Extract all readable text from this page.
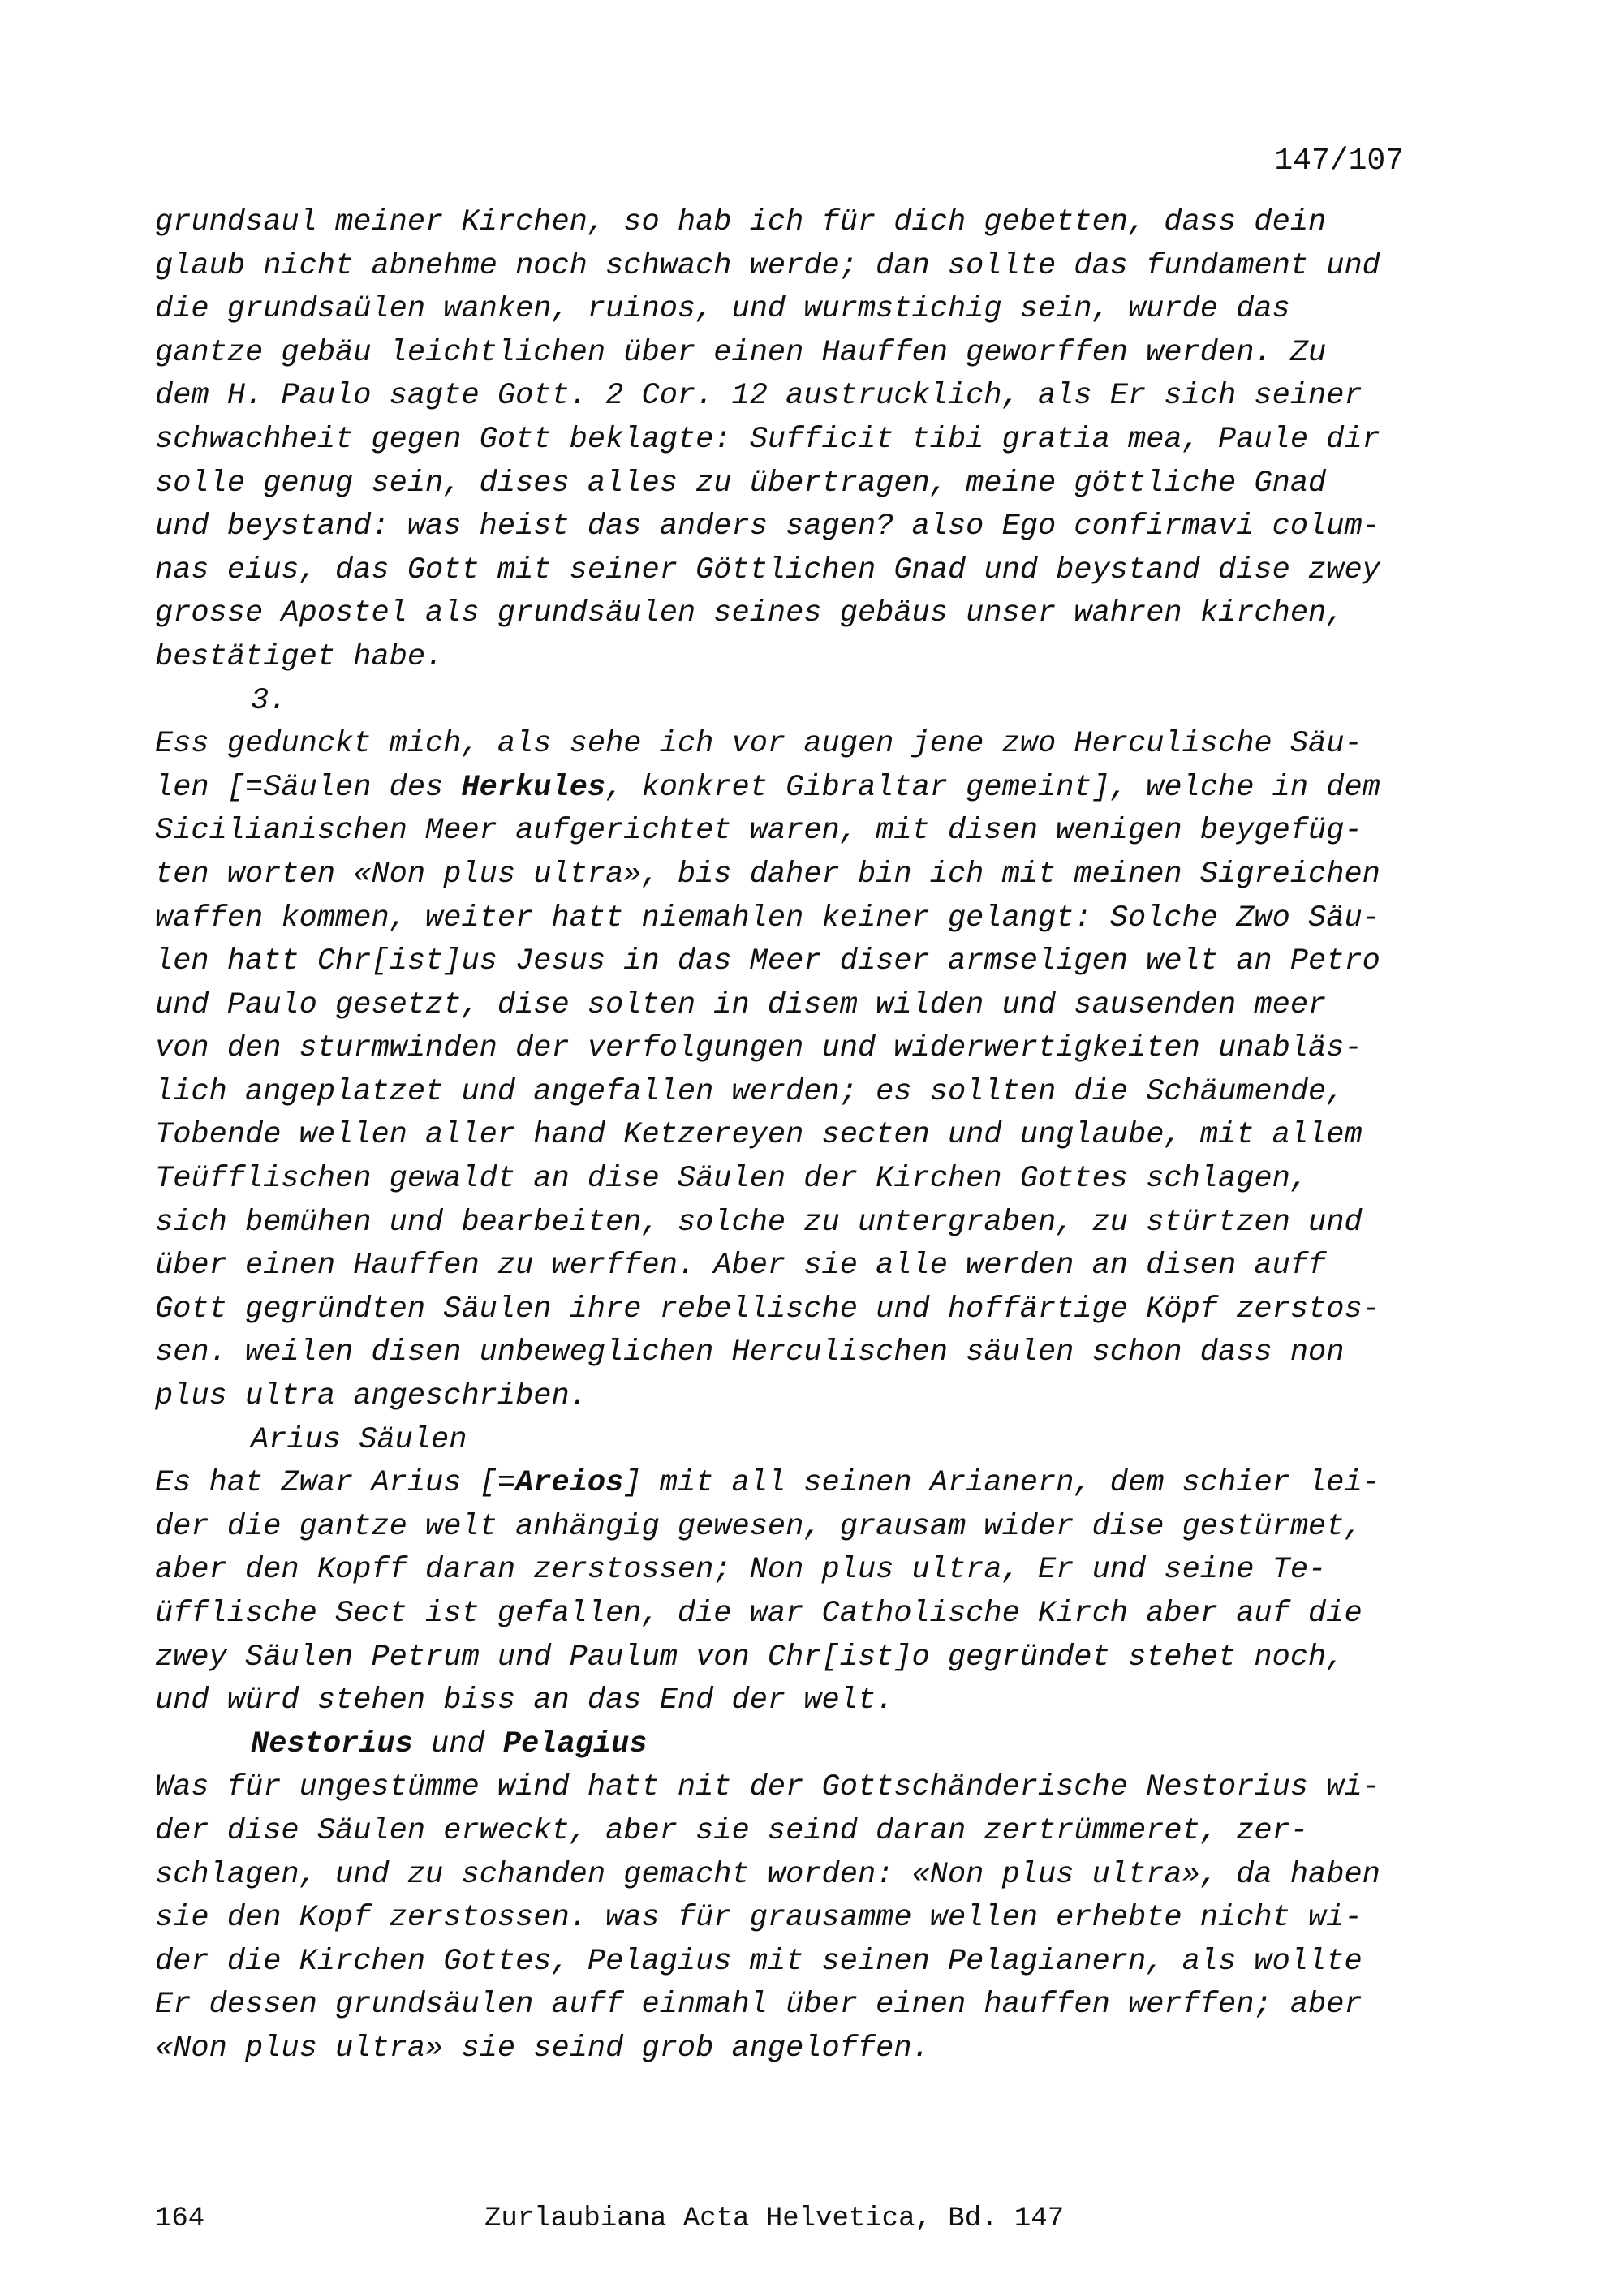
147/107
grundsaul meiner Kirchen, so hab ich für dich gebetten, dass dein
glaub nicht abnehme noch schwach werde; dan sollte das fundament und
die grundsaülen wanken, ruinos, und wurmstichig sein, wurde das
gantze gebäu leichtlichen über einen Hauffen geworffen werden. Zu
dem H. Paulo sagte Gott. 2 Cor. 12 austrucklich, als Er sich seiner
schwachheit gegen Gott beklagte: Sufficit tibi gratia mea, Paule dir
solle genug sein, dises alles zu übertragen, meine göttliche Gnad
und beystand: was heist das anders sagen? also Ego confirmavi colum-
nas eius, das Gott mit seiner Göttlichen Gnad und beystand dise zwey
grosse Apostel als grundsäulen seines gebäus unser wahren kirchen,
bestätiget habe.
3.
Ess gedunckt mich, als sehe ich vor augen jene zwo Herculische Säu-
len [=Säulen des Herkules, konkret Gibraltar gemeint], welche in dem
Sicilianischen Meer aufgerichtet waren, mit disen wenigen beygefüg-
ten worten «Non plus ultra», bis daher bin ich mit meinen Sigreichen
waffen kommen, weiter hatt niemahlen keiner gelangt: Solche Zwo Säu-
len hatt Chr[ist]us Jesus in das Meer diser armseligen welt an Petro
und Paulo gesetzt, dise solten in disem wilden und sausenden meer
von den sturmwinden der verfolgungen und widerwertigkeiten unabläs-
lich angeplatzet und angefallen werden; es sollten die Schäumende,
Tobende wellen aller hand Ketzereyen secten und unglaube, mit allem
Teüfflischen gewaldt an dise Säulen der Kirchen Gottes schlagen,
sich bemühen und bearbeiten, solche zu untergraben, zu stürtzen und
über einen Hauffen zu werffen. Aber sie alle werden an disen auff
Gott gegründten Säulen ihre rebellische und hoffärtige Köpf zerstos-
sen. weilen disen unbeweglichen Herculischen säulen schon dass non
plus ultra angeschriben.
Arius Säulen
Es hat Zwar Arius [=Areios] mit all seinen Arianern, dem schier lei-
der die gantze welt anhängig gewesen, grausam wider dise gestürmet,
aber den Kopff daran zerstossen; Non plus ultra, Er und seine Te-
üfflische Sect ist gefallen, die war Catholische Kirch aber auf die
zwey Säulen Petrum und Paulum von Chr[ist]o gegründet stehet noch,
und würd stehen biss an das End der welt.
Nestorius und Pelagius
Was für ungestümme wind hatt nit der Gottschänderische Nestorius wi-
der dise Säulen erweckt, aber sie seind daran zertrümmeret, zer-
schlagen, und zu schanden gemacht worden: «Non plus ultra», da haben
sie den Kopf zerstossen. was für grausamme wellen erhebte nicht wi-
der die Kirchen Gottes, Pelagius mit seinen Pelagianern, als wollte
Er dessen grundsäulen auff einmahl über einen hauffen werffen; aber
«Non plus ultra» sie seind grob angeloffen.
164	Zurlaubiana Acta Helvetica, Bd. 147
